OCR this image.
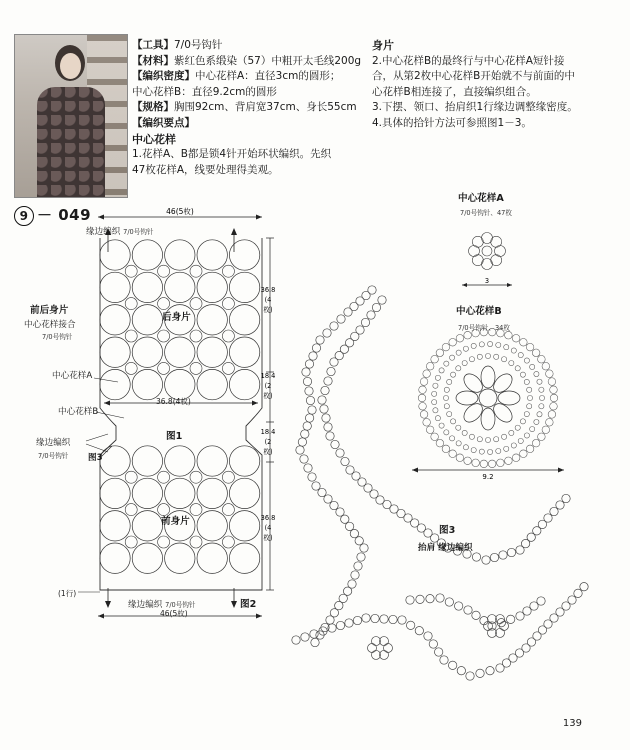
【工具】7/0号钩针
【材料】紫红色系缎染（57）中粗开太毛线200g
【编织密度】中心花样A：直径3cm的圆形；
中心花样B：直径9.2cm的圆形
【规格】胸围92cm、背肩宽37cm、身长55cm
【编织要点】
中心花样
1.花样A、B都是锁4针开始环状编织。先织
47枚花样A，线要处理得美观。
身片
2.中心花样B的最终行与中心花样A短针接
合，从第2枚中心花样B开始就不与前面的中
心花样B相连接了，直接编织组合。
3.下摆、领口、抬肩织1行缘边调整缘密度。
4.具体的拾针方法可参照图1－3。
9 － 049	46(5枚)
36.8
(4
枚)
18.4
(2
枚)
18.4
(2
枚)
36.8
(4
枚)
3
9.2
缘边编织 7/0号钩针
后身片
36.8(4枚)
图1
前身片
(1行)
缘边编织 7/0号钩针
46(5枚)
图2
前后身片
中心花样接合
7/0号钩针
中心花样A
中心花样B
缘边编织
7/0号钩针 图3
中心花样A
7/0号钩针、47枚
中心花样B
7/0号钩针、34枚
图3
抬肩 缘边编织
139
